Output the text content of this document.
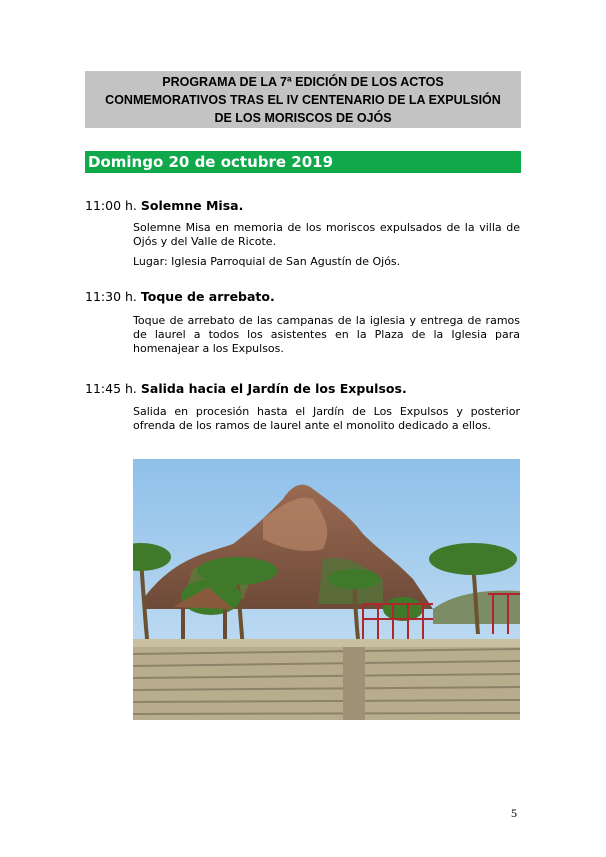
PROGRAMA DE LA 7ª EDICIÓN DE LOS ACTOS
CONMEMORATIVOS TRAS EL IV CENTENARIO DE LA EXPULSIÓN
DE LOS MORISCOS DE OJÓS
Domingo 20 de octubre 2019
11:00 h. Solemne Misa.

Solemne Misa en memoria de los moriscos expulsados de la villa de Ojós y del Valle de Ricote.

Lugar: Iglesia Parroquial de San Agustín de Ojós.

11:30 h. Toque de arrebato.

Toque de arrebato de las campanas de la iglesia y entrega de ramos de laurel a todos los asistentes en la Plaza de la Iglesia para homenajear a los Expulsos.

11:45 h. Salida hacia el Jardín de los Expulsos.

Salida en procesión hasta el Jardín de Los Expulsos y posterior ofrenda de los ramos de laurel ante el monolito dedicado a ellos.

5
